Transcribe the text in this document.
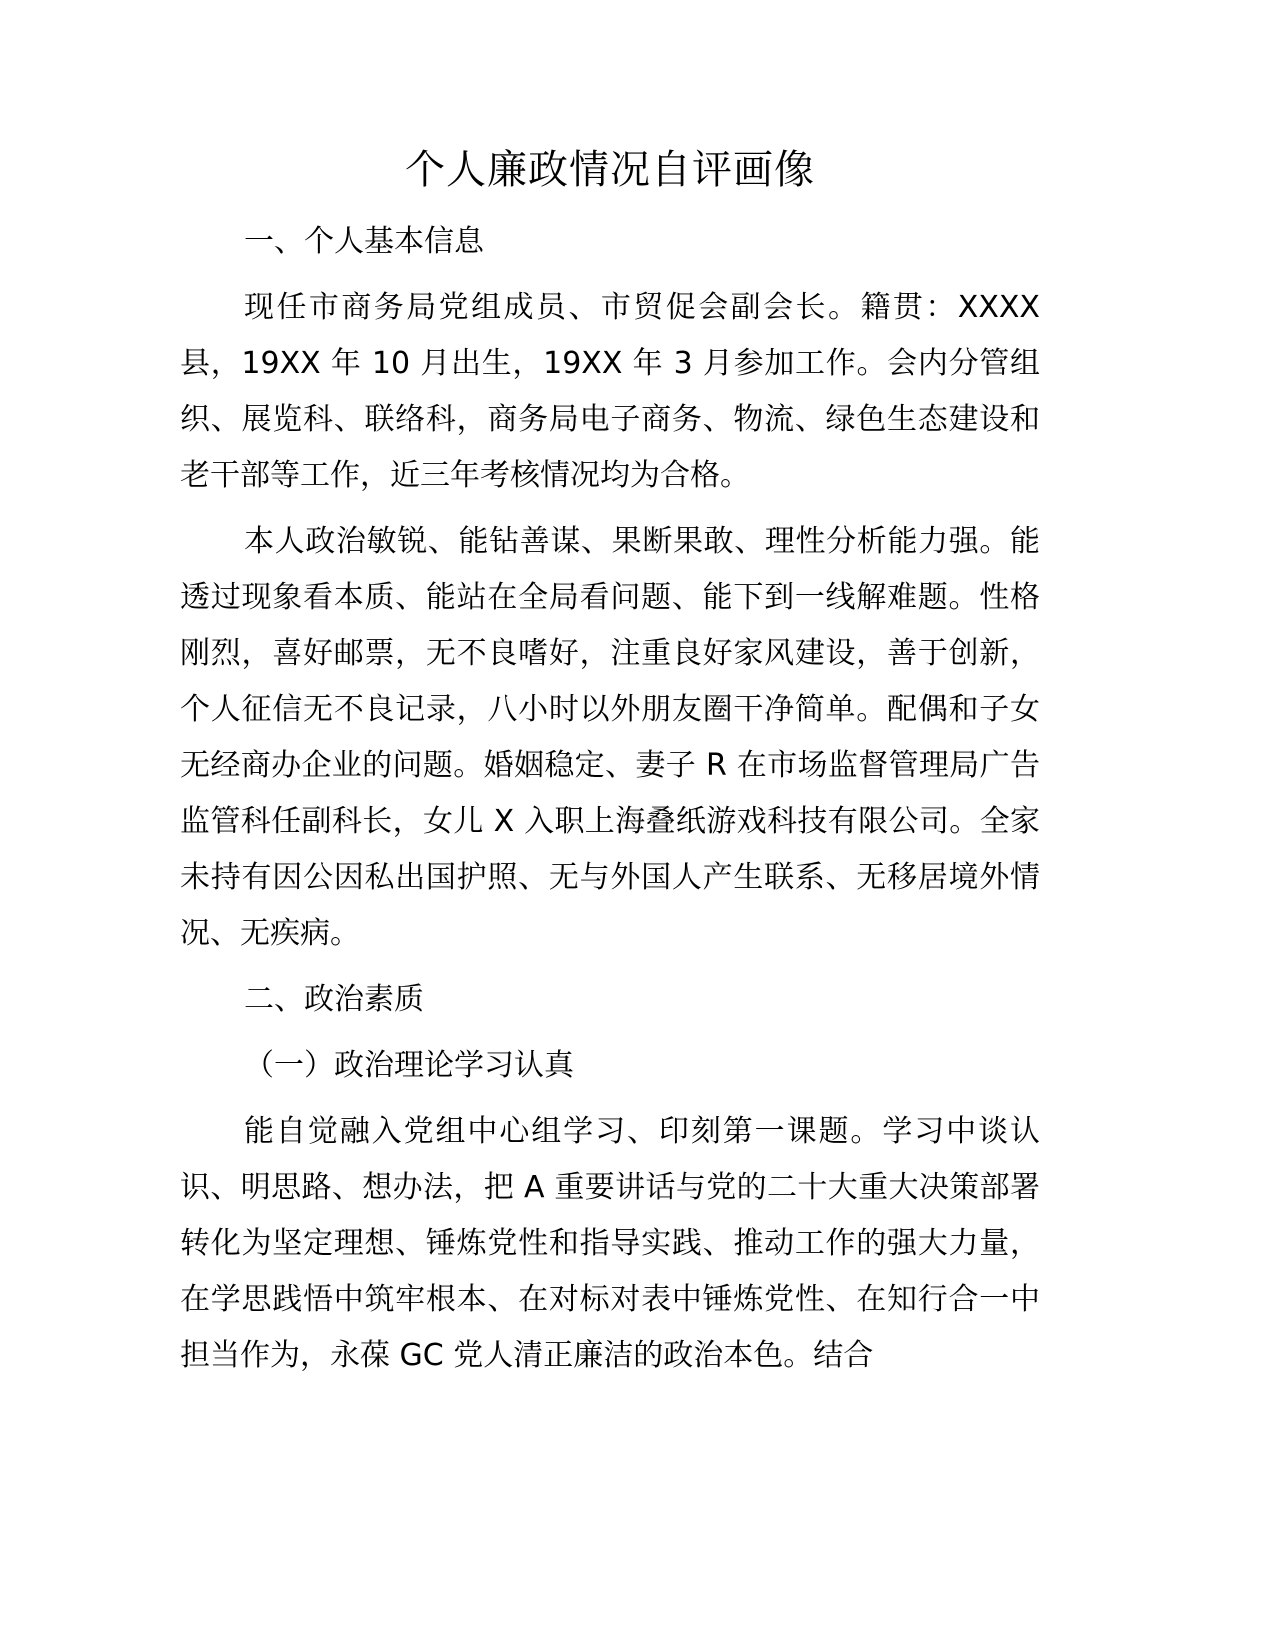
个人廉政情况自评画像
一、个人基本信息

现任市商务局党组成员、市贸促会副会长。籍贯：XXXX县，19XX 年 10 月出生，19XX 年 3 月参加工作。会内分管组织、展览科、联络科，商务局电子商务、物流、绿色生态建设和老干部等工作，近三年考核情况均为合格。

本人政治敏锐、能钻善谋、果断果敢、理性分析能力强。能透过现象看本质、能站在全局看问题、能下到一线解难题。性格刚烈，喜好邮票，无不良嗜好，注重良好家风建设，善于创新，个人征信无不良记录，八小时以外朋友圈干净简单。配偶和子女无经商办企业的问题。婚姻稳定、妻子 R 在市场监督管理局广告监管科任副科长，女儿 X 入职上海叠纸游戏科技有限公司。全家未持有因公因私出国护照、无与外国人产生联系、无移居境外情况、无疾病。

二、政治素质
（一）政治理论学习认真

能自觉融入党组中心组学习、印刻第一课题。学习中谈认识、明思路、想办法，把 A 重要讲话与党的二十大重大决策部署转化为坚定理想、锤炼党性和指导实践、推动工作的强大力量，在学思践悟中筑牢根本、在对标对表中锤炼党性、在知行合一中担当作为，永葆 GC 党人清正廉洁的政治本色。结合
